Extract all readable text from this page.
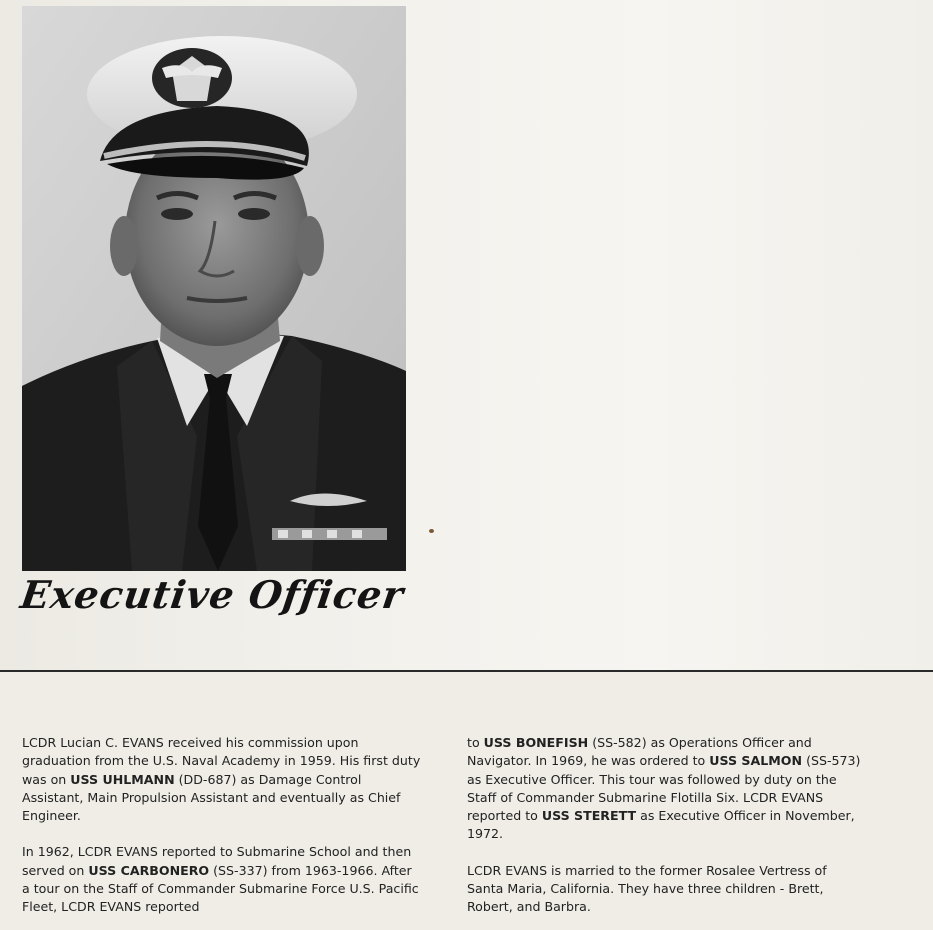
Executive Officer

LCDR Lucian C. EVANS received his commission upon graduation from the U.S. Naval Academy in 1959. His first duty was on USS UHLMANN (DD-687) as Damage Control Assistant, Main Propulsion Assistant and eventually as Chief Engineer.

In 1962, LCDR EVANS reported to Submarine School and then served on USS CARBONERO (SS-337) from 1963-1966. After a tour on the Staff of Commander Submarine Force U.S. Pacific Fleet, LCDR EVANS reported

to USS BONEFISH (SS-582) as Operations Officer and Navigator. In 1969, he was ordered to USS SALMON (SS-573) as Executive Officer. This tour was followed by duty on the Staff of Commander Submarine Flotilla Six. LCDR EVANS reported to USS STERETT as Executive Officer in November, 1972.

LCDR EVANS is married to the former Rosalee Vertress of Santa Maria, California. They have three children - Brett, Robert, and Barbra.
